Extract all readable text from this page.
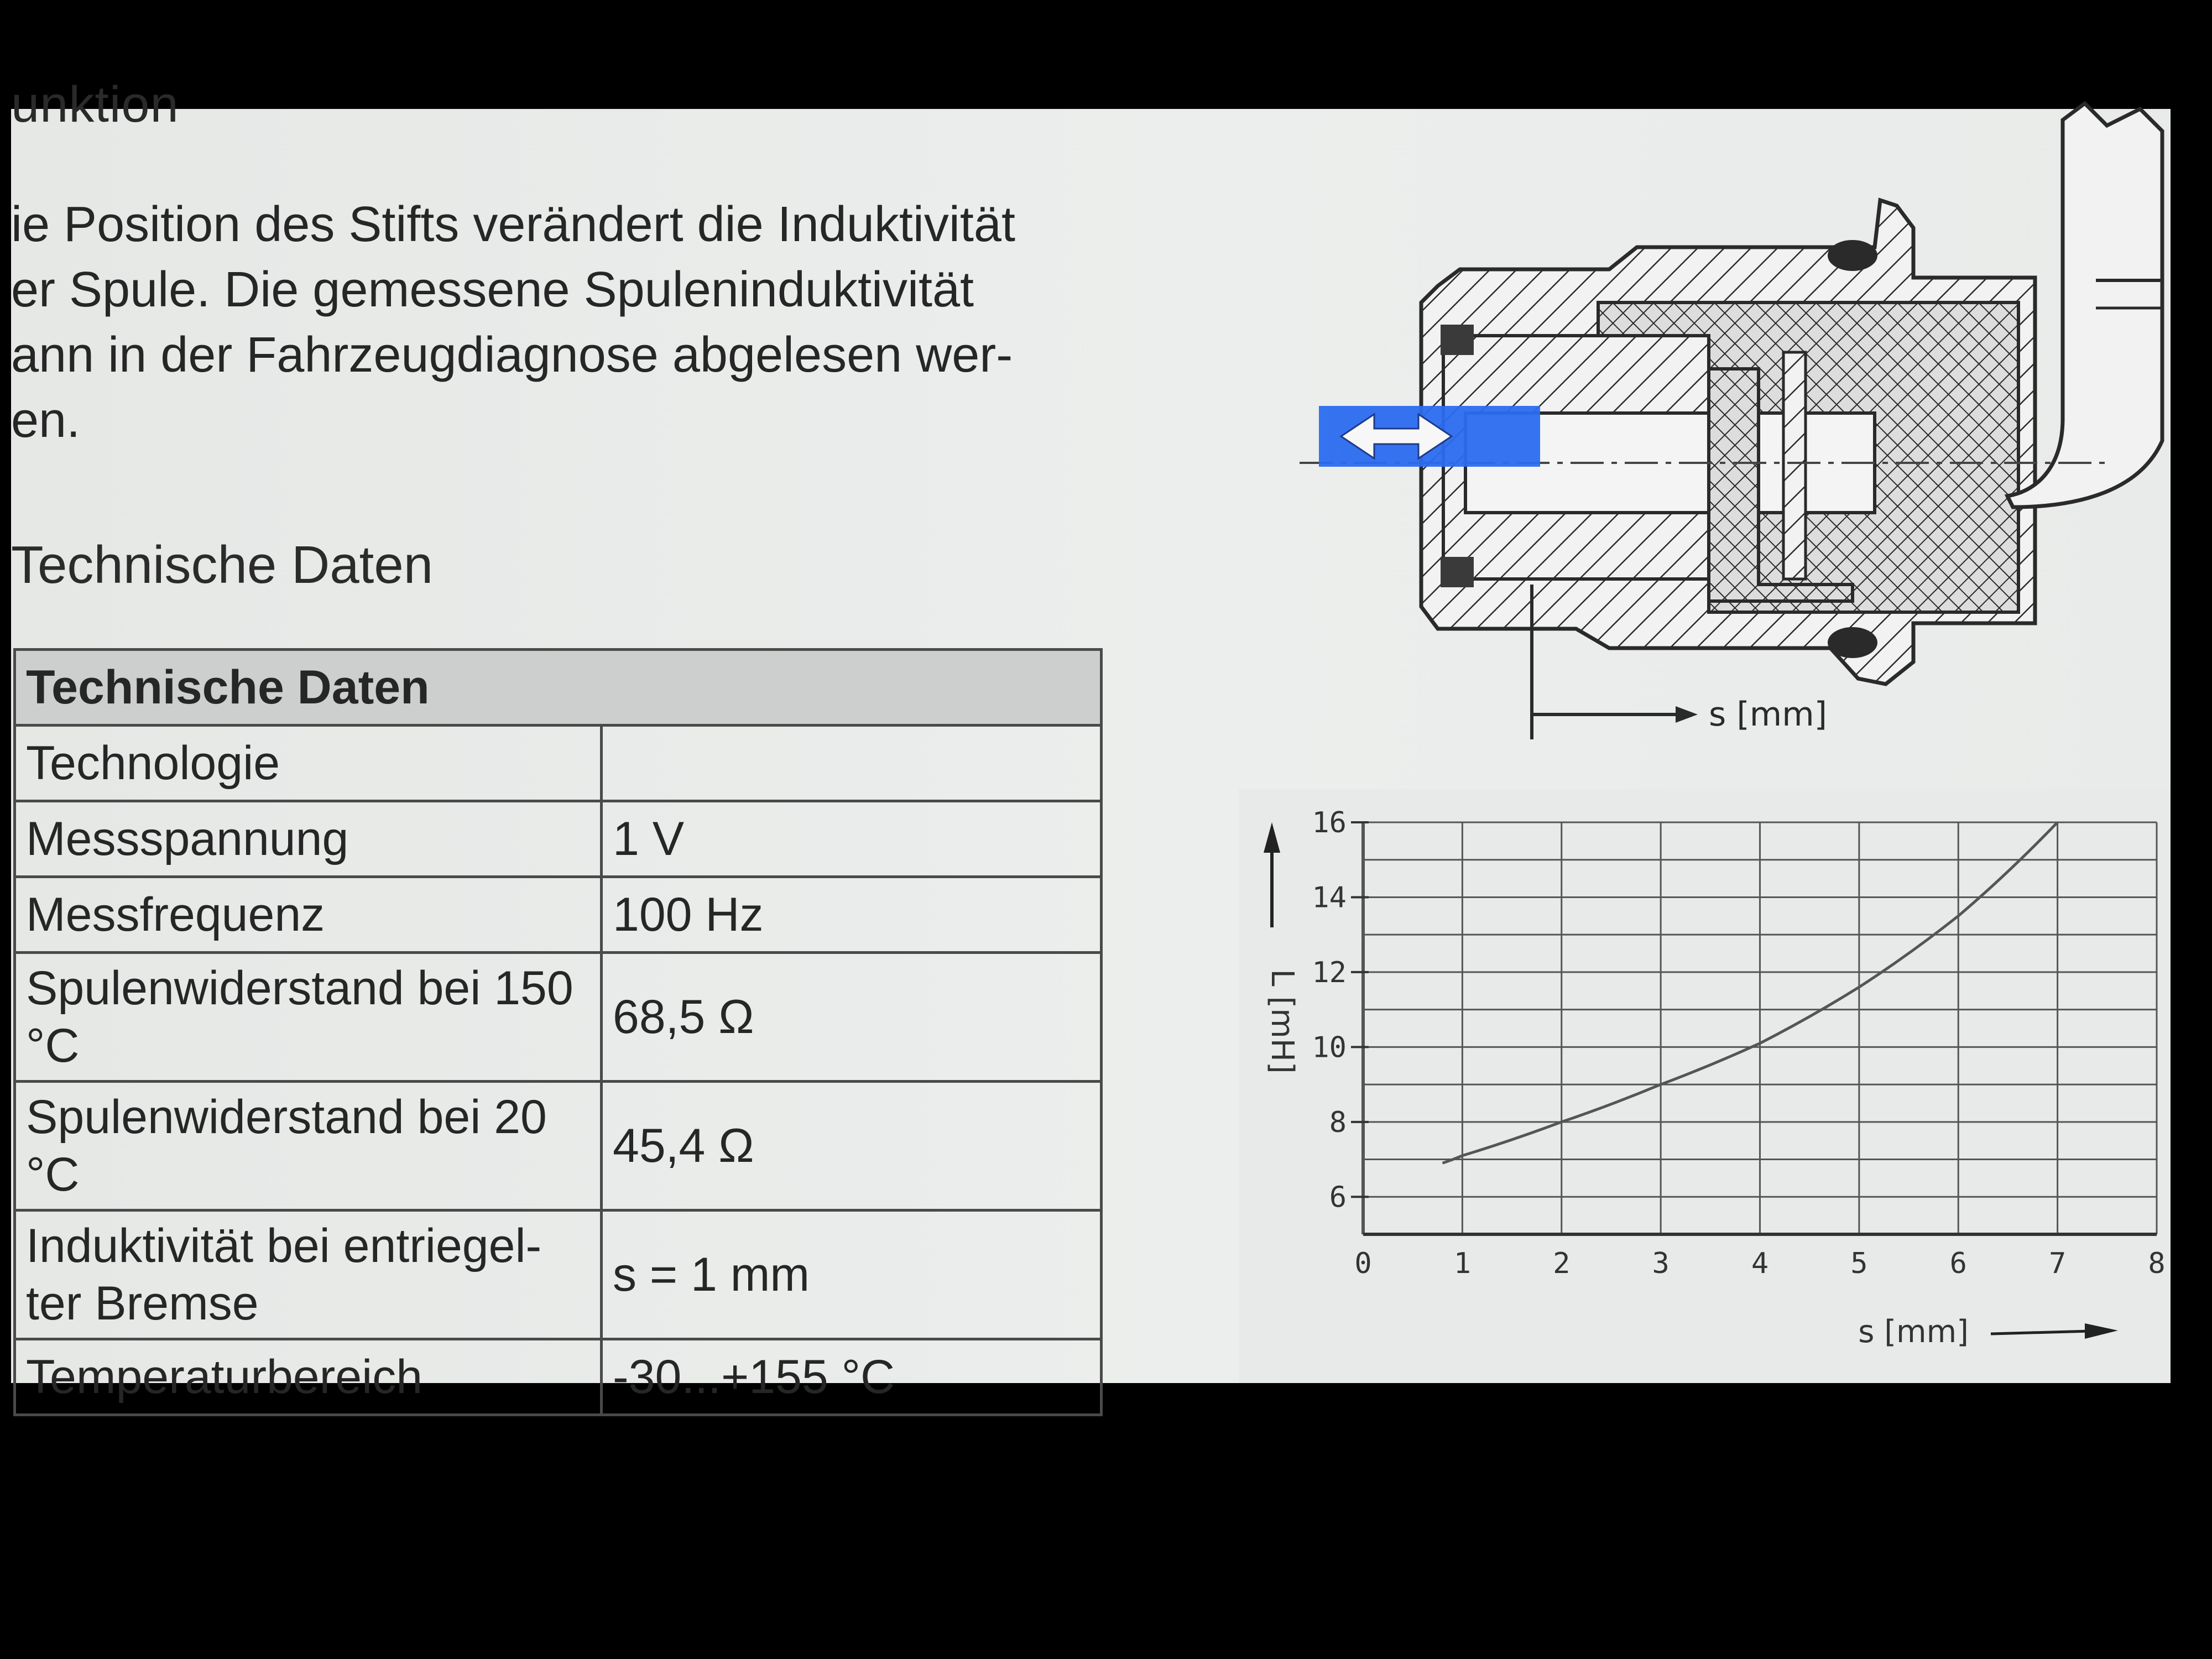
unktion

ie Position des Stifts verändert die Induktivität

er Spule. Die gemessene Spuleninduktivität

ann in der Fahrzeugdiagnose abgelesen wer-

en.

Technische Daten
Technische Daten	
Technologie	
Messspannung	1 V
Messfrequenz	100 Hz
Spulenwiderstand bei 150 °C	68,5 Ω
Spulenwiderstand bei 20 °C	45,4 Ω
Induktivität bei entriegel- ter Bremse	s = 1 mm
Temperaturbereich	-30...+155 °C
s [mm]
0	1	2	3	4	5	6	7	8
6
8
10
12
14
16
L [mH]
s [mm]
